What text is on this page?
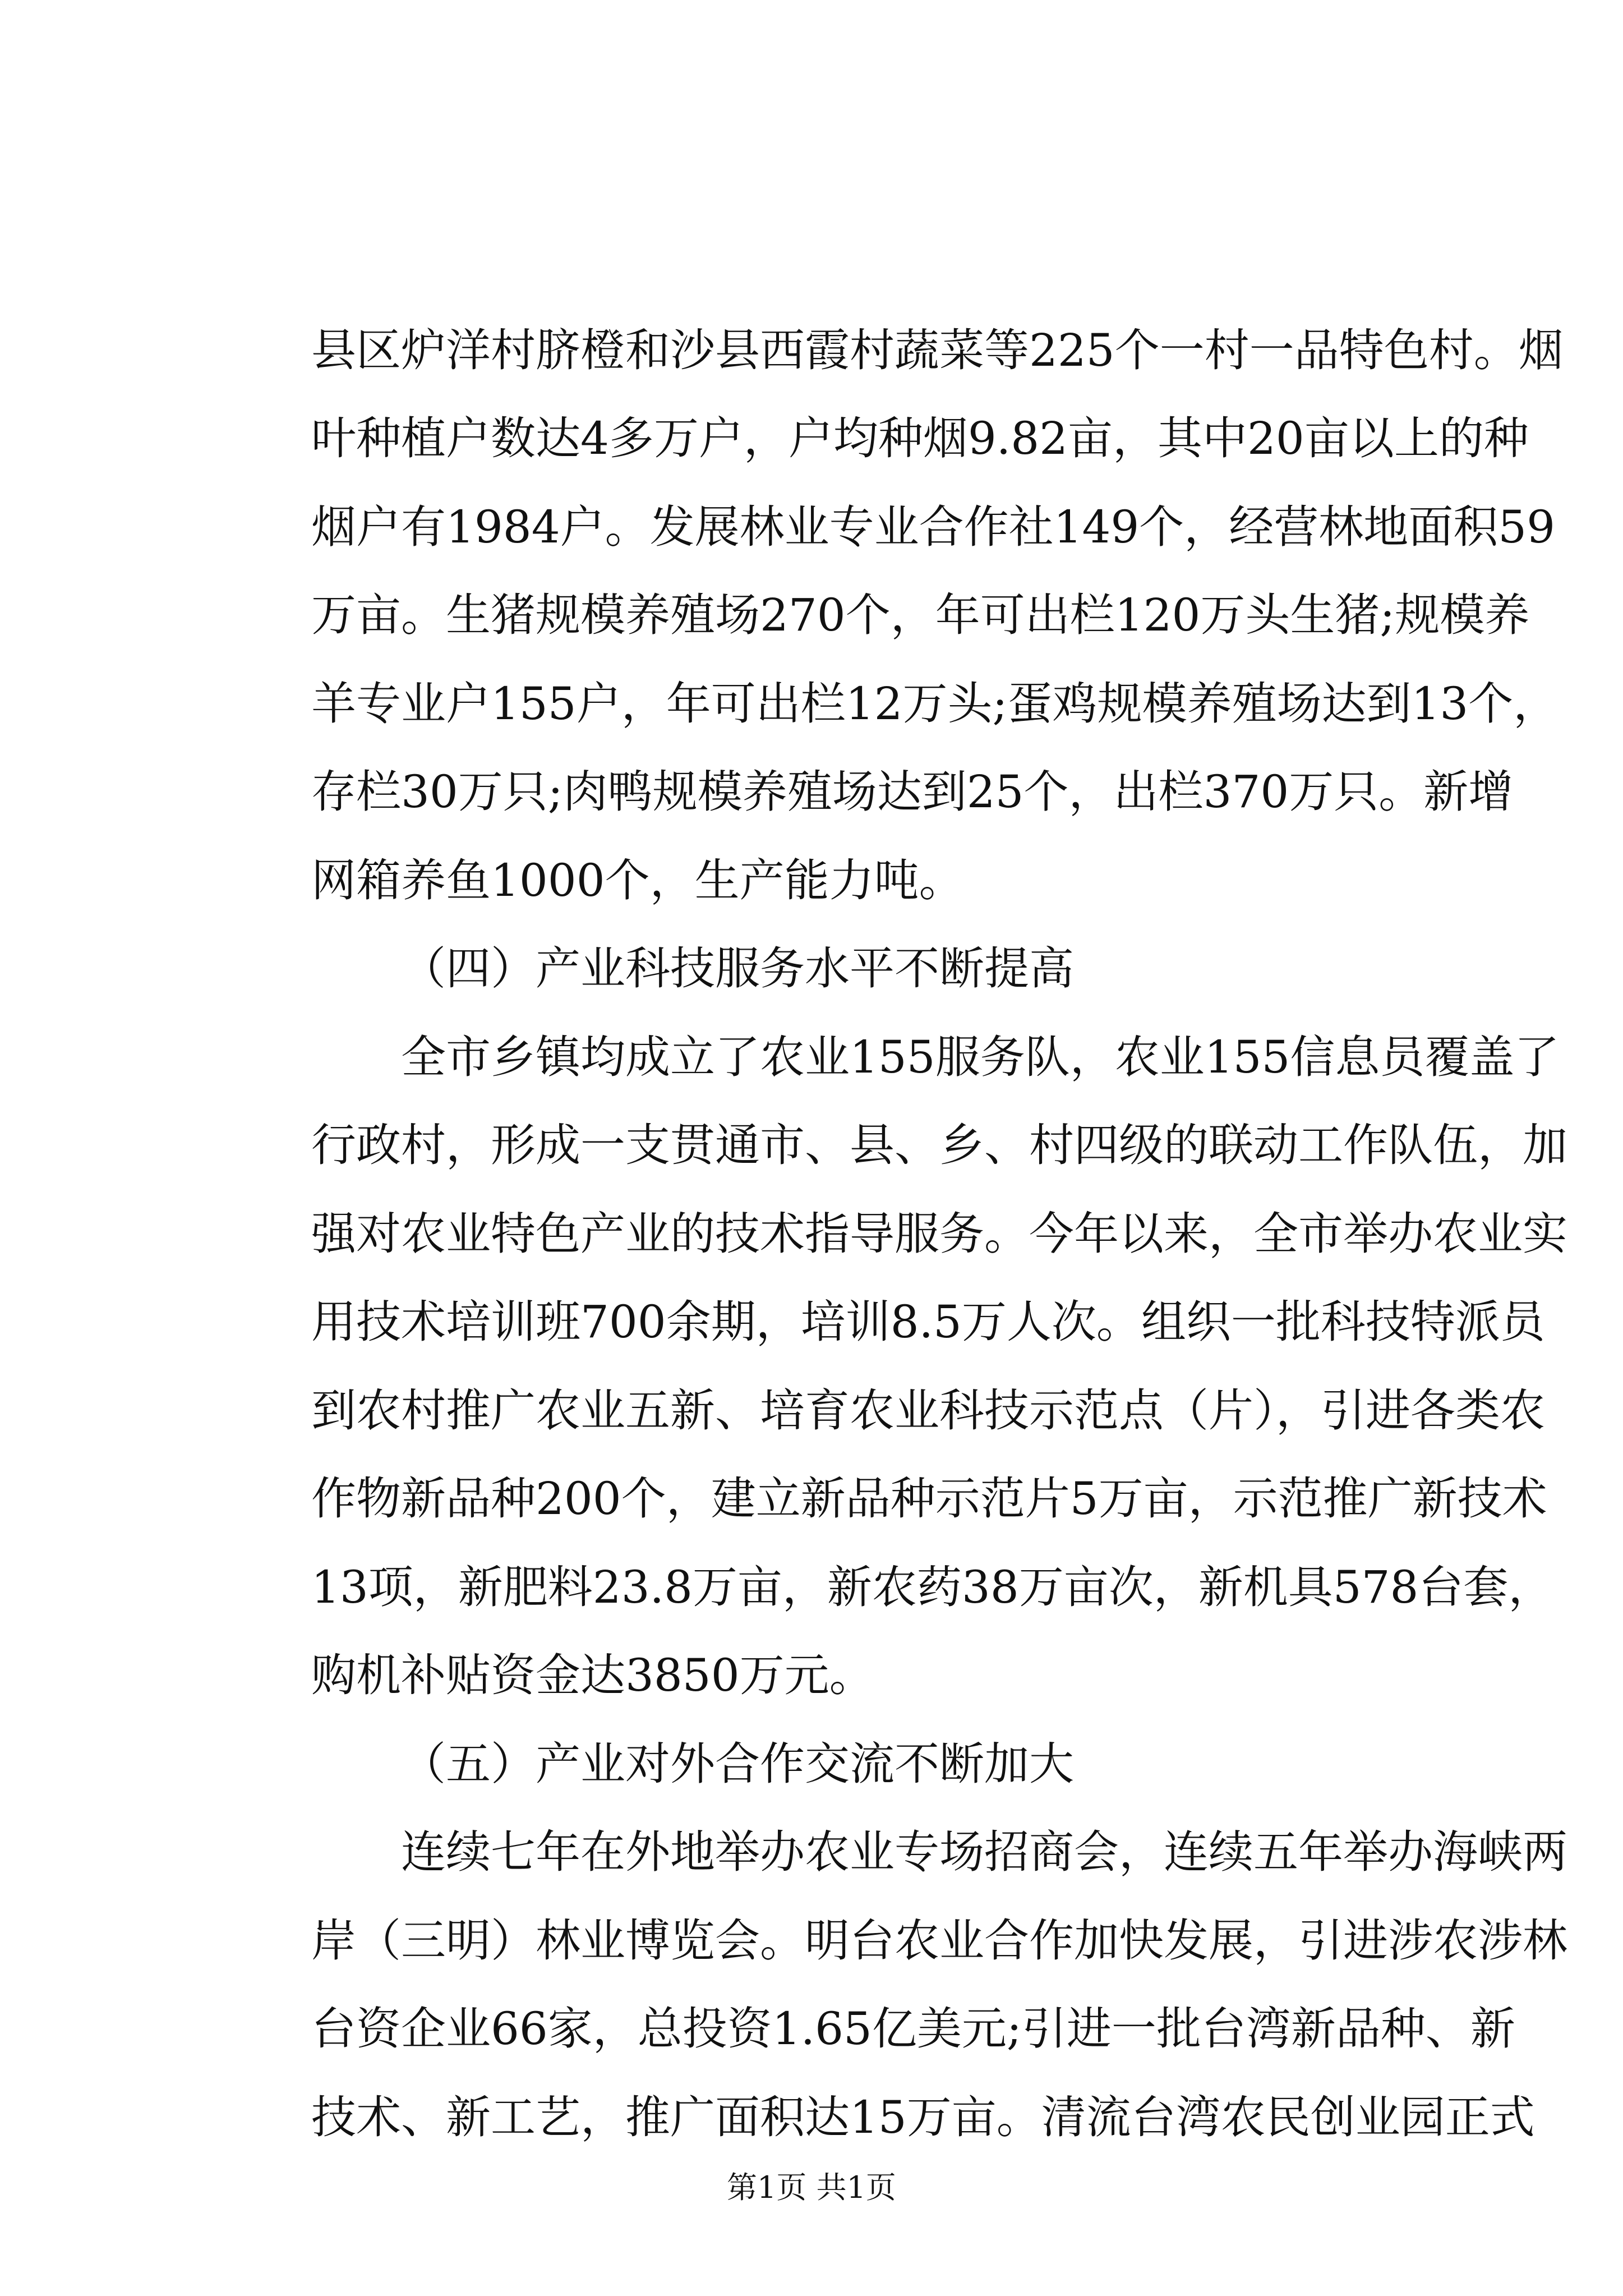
县区炉洋村脐橙和沙县西霞村蔬菜等225个一村一品特色村。烟
叶种植户数达4多万户，户均种烟9.82亩，其中20亩以上的种
烟户有1984户。发展林业专业合作社149个，经营林地面积59
万亩。生猪规模养殖场270个，年可出栏120万头生猪;规模养
羊专业户155户，年可出栏12万头;蛋鸡规模养殖场达到13个，
存栏30万只;肉鸭规模养殖场达到25个，出栏370万只。新增
网箱养鱼1000个，生产能力吨。
（四）产业科技服务水平不断提高
全市乡镇均成立了农业155服务队，农业155信息员覆盖了
行政村，形成一支贯通市、县、乡、村四级的联动工作队伍，加
强对农业特色产业的技术指导服务。今年以来，全市举办农业实
用技术培训班700余期，培训8.5万人次。组织一批科技特派员
到农村推广农业五新、培育农业科技示范点（片），引进各类农
作物新品种200个，建立新品种示范片5万亩，示范推广新技术
13项，新肥料23.8万亩，新农药38万亩次，新机具578台套，
购机补贴资金达3850万元。
（五）产业对外合作交流不断加大
连续七年在外地举办农业专场招商会，连续五年举办海峡两
岸（三明）林业博览会。明台农业合作加快发展，引进涉农涉林
台资企业66家，总投资1.65亿美元;引进一批台湾新品种、新
技术、新工艺，推广面积达15万亩。清流台湾农民创业园正式
第1页 共1页
